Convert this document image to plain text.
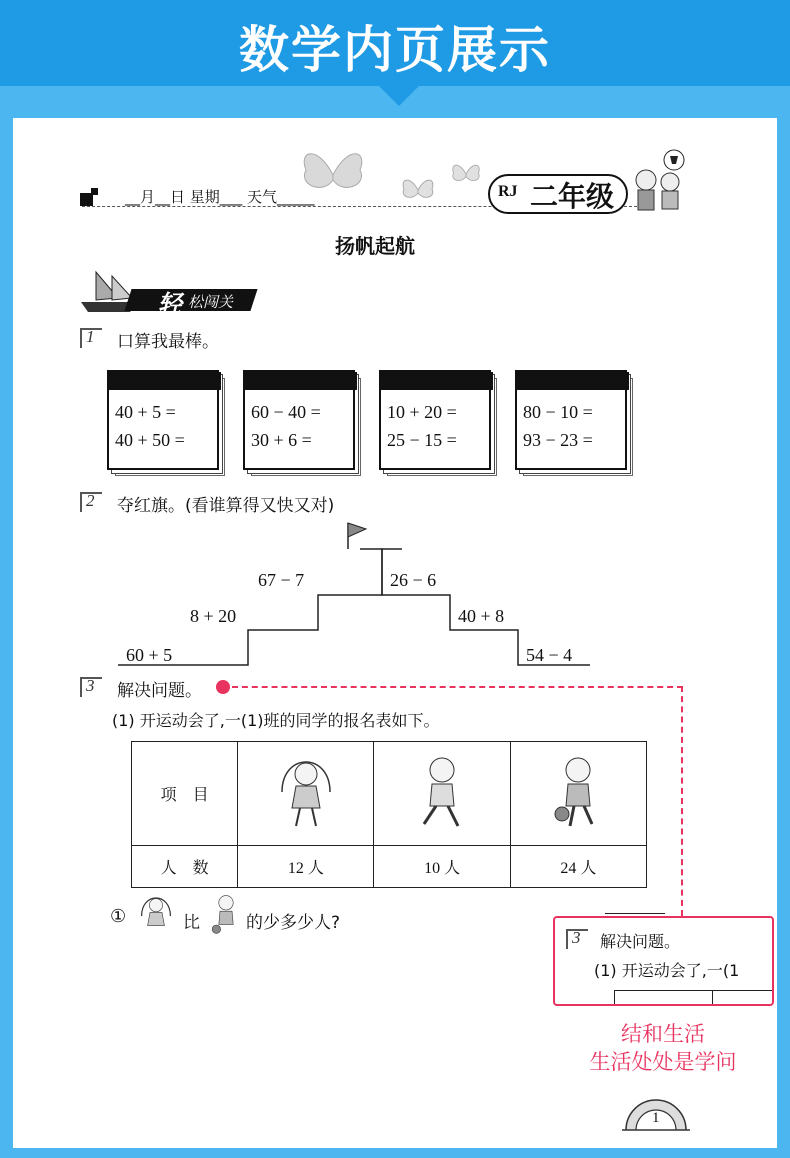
数学内页展示
__月__日 星期___ 天气_____	RJ 二年级
扬帆起航
轻 松闯关
1 口算我最棒。
40 + 5 =
40 + 50 =
60 − 40 =
30 + 6 =
10 + 20 =
25 − 15 =
80 − 10 =
93 − 23 =
2 夺红旗。(看谁算得又快又对)
60 + 5
8 + 20
67 − 7	26 − 6
40 + 8
54 − 4
3 解决问题。
(1) 开运动会了,一(1)班的同学的报名表如下。
项　目			
人　数	12 人	10 人	24 人
①	比	的少多少人?
3 解决问题。
(1) 开运动会了,一(1
结和生活
生活处处是学问
1
